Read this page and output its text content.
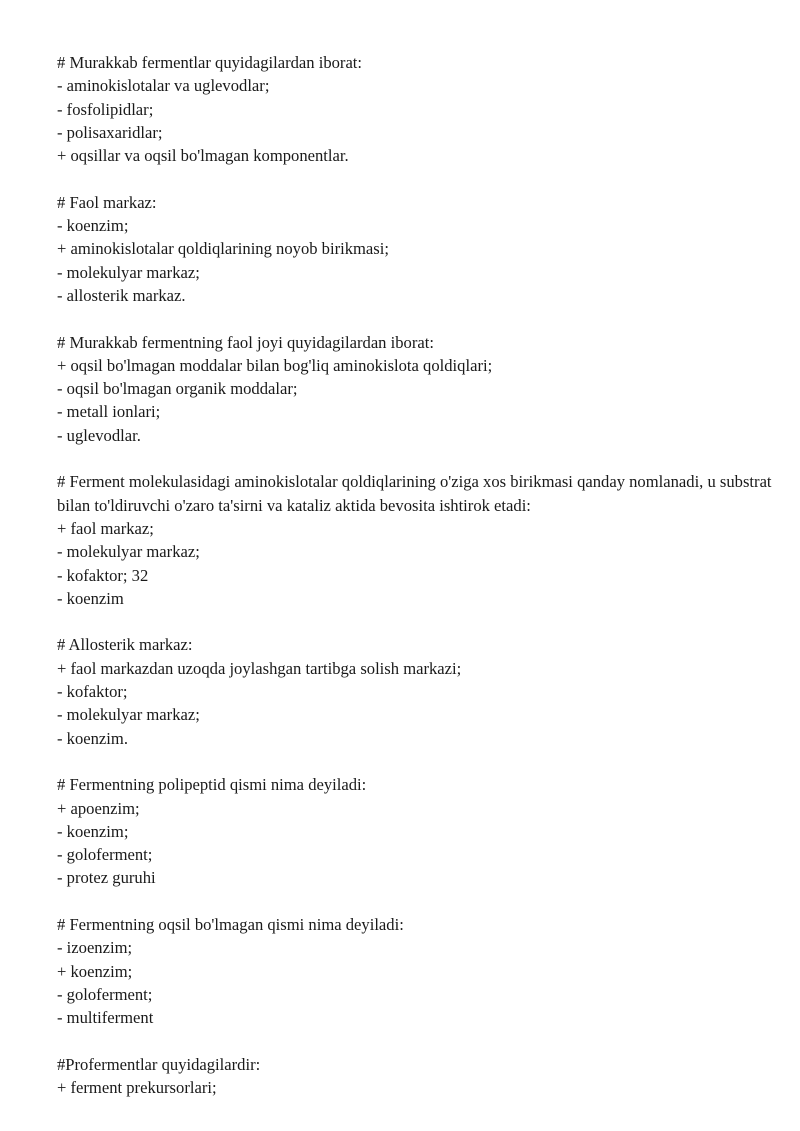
# Murakkab fermentlar quyidagilardan iborat:
- aminokislotalar va uglevodlar;
- fosfolipidlar;
- polisaxaridlar;
+ oqsillar va oqsil bo'lmagan komponentlar.
# Faol markaz:
- koenzim;
+ aminokislotalar qoldiqlarining noyob birikmasi;
- molekulyar markaz;
- allosterik markaz.
# Murakkab fermentning faol joyi quyidagilardan iborat:
+ oqsil bo'lmagan moddalar bilan bog'liq aminokislota qoldiqlari;
- oqsil bo'lmagan organik moddalar;
- metall ionlari;
- uglevodlar.
# Ferment molekulasidagi aminokislotalar qoldiqlarining o'ziga xos birikmasi qanday nomlanadi, u substrat bilan to'ldiruvchi o'zaro ta'sirni va kataliz aktida bevosita ishtirok etadi:
+ faol markaz;
- molekulyar markaz;
- kofaktor; 32
- koenzim
# Allosterik markaz:
+ faol markazdan uzoqda joylashgan tartibga solish markazi;
- kofaktor;
- molekulyar markaz;
- koenzim.
# Fermentning polipeptid qismi nima deyiladi:
+ apoenzim;
- koenzim;
- goloferment;
- protez guruhi
# Fermentning oqsil bo'lmagan qismi nima deyiladi:
- izoenzim;
+ koenzim;
- goloferment;
- multiferment
#Profermentlar quyidagilardir:
+ ferment prekursorlari;
